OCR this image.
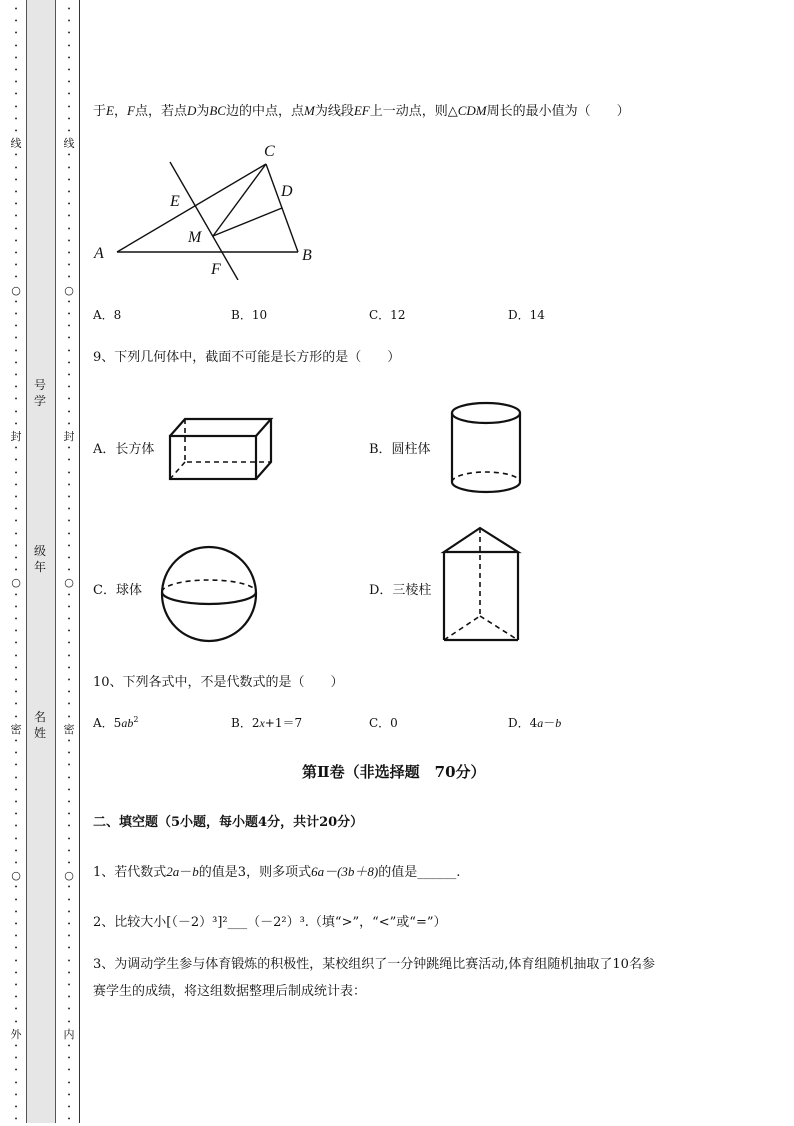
•
•
•
•
•
•
•
•
•
•
•
线
•
•
•
•
•
•
•
•
•
•
•
○
•
•
•
•
•
•
•
•
•
•
•
封
•
•
•
•
•
•
•
•
•
•
•
○
•
•
•
•
•
•
•
•
•
•
•
密
•
•
•
•
•
•
•
•
•
•
•
○
•
•
•
•
•
•
•
•
•
•
•
•
外
•
•
•
•
•
•
•
•
•
•
•
•
•
•
•
•
•
•
线
•
•
•
•
•
•
•
•
•
•
•
○
•
•
•
•
•
•
•
•
•
•
•
封
•
•
•
•
•
•
•
•
•
•
•
○
•
•
•
•
•
•
•
•
•
•
•
密
•
•
•
•
•
•
•
•
•
•
•
○
•
•
•
•
•
•
•
•
•
•
•
•
内
•
•
•
•
•
•
•
号
学
级
年
名
姓
于E，F点，若点D为BC边的中点，点M为线段EF上一动点，则△CDM周长的最小值为（　　）
A	B
C
D
E
F
M
A．8	B．10	C．12	D．14
9、下列几何体中，截面不可能是长方形的是（　　）
A．长方体	B．圆柱体
C．球体	D．三棱柱
10、下列各式中，不是代数式的是（　　）
A．$5ab^2$	B．2x+1＝7	C．0	D．4a－b
第Ⅱ卷（非选择题　70分）
二、填空题（5小题，每小题4分，共计20分）
1、若代数式2a－b的值是3，则多项式6a－(3b＋8)的值是______.
2、比较大小[（－2）³]²___（－2²）³.（填“>”，“<”或“=”）
3、为调动学生参与体育锻炼的积极性，某校组织了一分钟跳绳比赛活动,体育组随机抽取了10名参
赛学生的成绩，将这组数据整理后制成统计表：
